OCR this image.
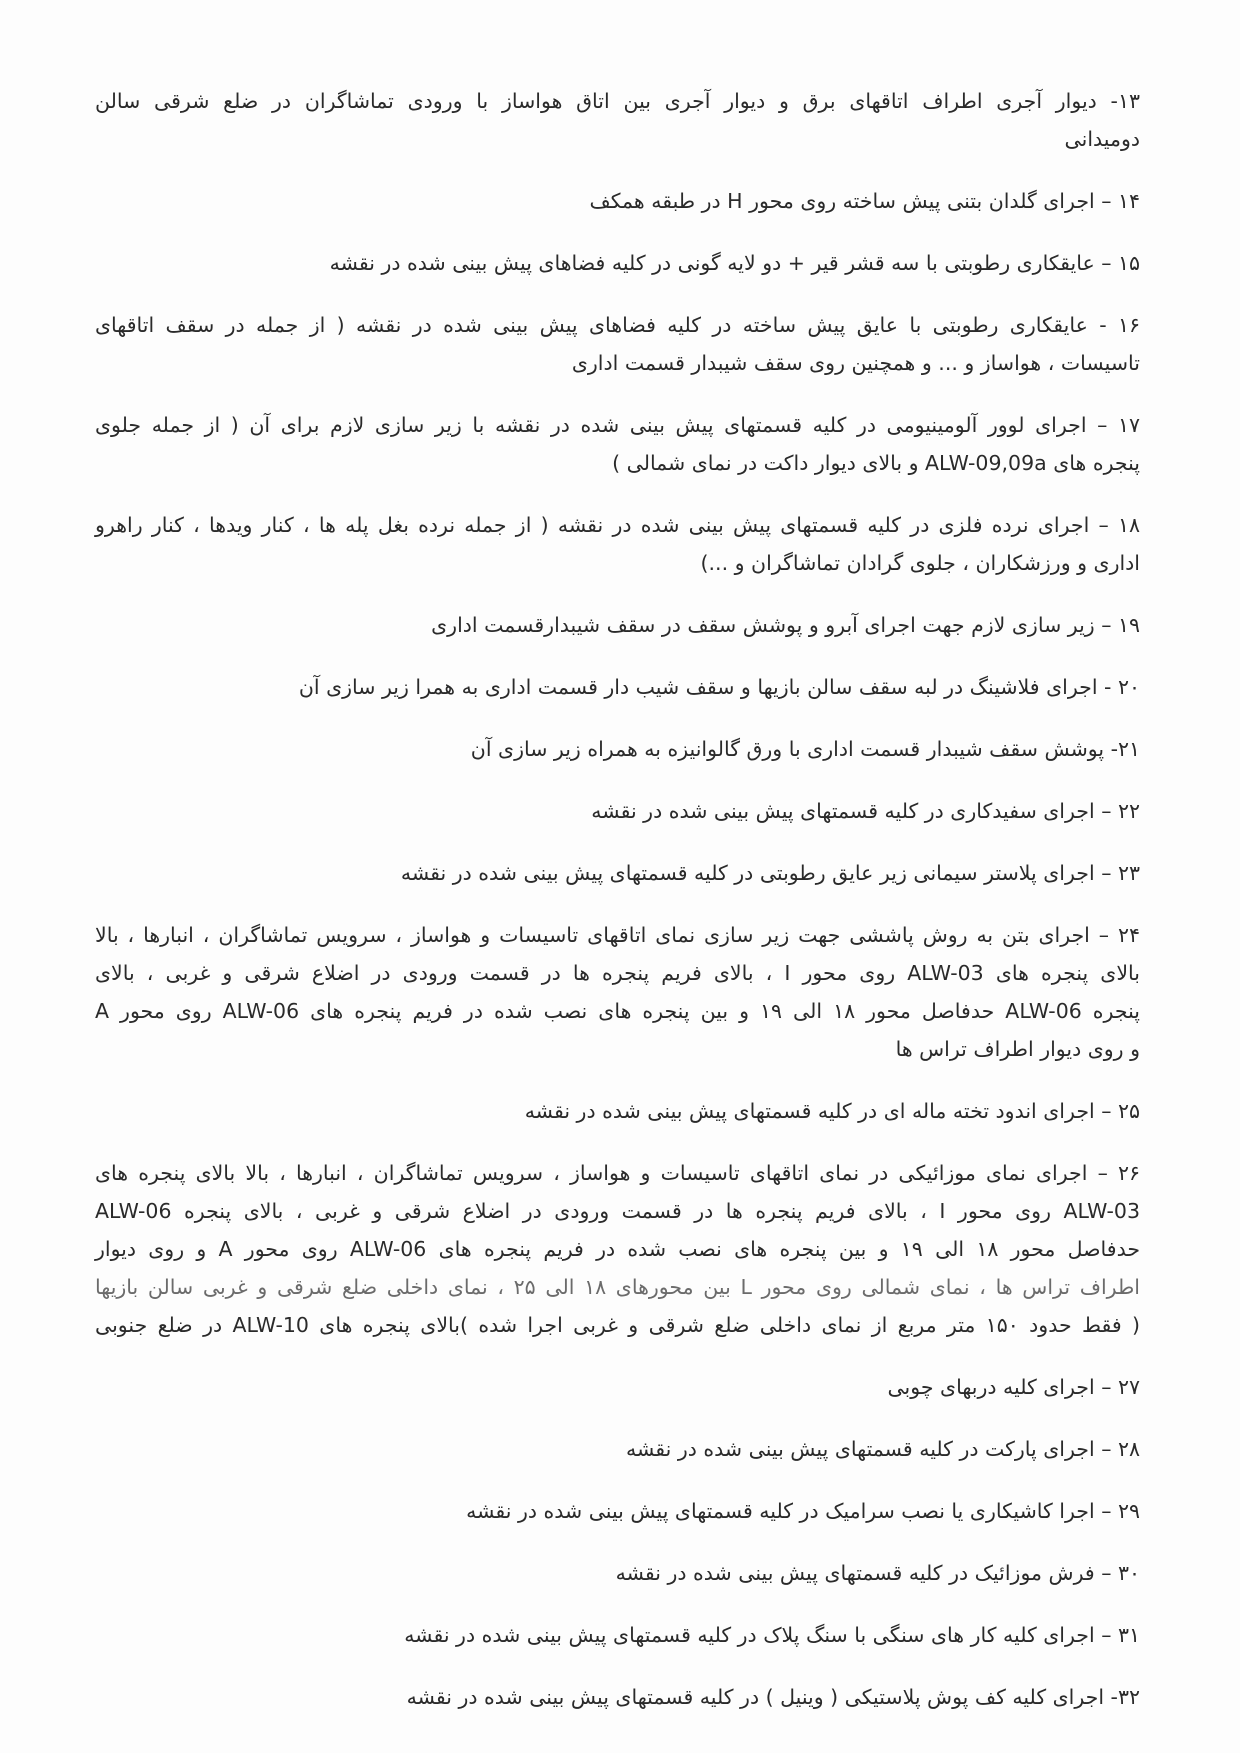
۱۳- دیوار آجری اطراف اتاقهای برق و دیوار آجری بین اتاق هواساز با ورودی تماشاگران در ضلع شرقی سالن
دومیدانی
۱۴ – اجرای گلدان بتنی پیش ساخته روی محور H در طبقه همکف
۱۵ – عایقکاری رطوبتی با سه قشر قیر + دو لایه گونی در کلیه فضاهای پیش بینی شده در نقشه
۱۶ - عایقکاری رطوبتی با عایق پیش ساخته در کلیه فضاهای پیش بینی شده در نقشه ( از جمله در سقف اتاقهای
تاسیسات ، هواساز و ... و همچنین روی سقف شیبدار قسمت اداری
۱۷ – اجرای لوور آلومینیومی در کلیه قسمتهای پیش بینی شده در نقشه با زیر سازی لازم برای آن ( از جمله جلوی
پنجره های ALW-09,09a و بالای دیوار داکت در نمای شمالی )
۱۸ – اجرای نرده فلزی در کلیه قسمتهای پیش بینی شده در نقشه ( از جمله نرده بغل پله ها ، کنار ویدها ، کنار راهرو
اداری و ورزشکاران ، جلوی گرادان تماشاگران و ...)
۱۹ – زیر سازی لازم جهت اجرای آبرو و پوشش سقف در سقف شیبدارقسمت اداری
۲۰ - اجرای فلاشینگ در لبه سقف سالن بازیها و سقف شیب دار قسمت اداری به همرا زیر سازی آن
۲۱- پوشش سقف شیبدار قسمت اداری با ورق گالوانیزه به همراه زیر سازی آن
۲۲ – اجرای سفیدکاری در کلیه قسمتهای پیش بینی شده در نقشه
۲۳ – اجرای پلاستر سیمانی زیر عایق رطوبتی در کلیه قسمتهای پیش بینی شده در نقشه
۲۴ – اجرای بتن به روش پاششی جهت زیر سازی نمای اتاقهای تاسیسات و هواساز ، سرویس تماشاگران ، انبارها ، بالا
بالای پنجره های ALW-03 روی محور I ، بالای فریم پنجره ها در قسمت ورودی در اضلاع شرقی و غربی ، بالای
پنجره ALW-06 حدفاصل محور ۱۸ الی ۱۹ و بین پنجره های نصب شده در فریم پنجره های ALW-06 روی محور A
و روی دیوار اطراف تراس ها
۲۵ – اجرای اندود تخته ماله ای در کلیه قسمتهای پیش بینی شده در نقشه
۲۶ – اجرای نمای موزائیکی در نمای اتاقهای تاسیسات و هواساز ، سرویس تماشاگران ، انبارها ، بالا بالای پنجره های
ALW-03 روی محور I ، بالای فریم پنجره ها در قسمت ورودی در اضلاع شرقی و غربی ، بالای پنجره ALW-06
حدفاصل محور ۱۸ الی ۱۹ و بین پنجره های نصب شده در فریم پنجره های ALW-06 روی محور A و روی دیوار
اطراف تراس ها ، نمای شمالی روی محور L بین محورهای ۱۸ الی ۲۵ ، نمای داخلی ضلع شرقی و غربی سالن بازیها
( فقط حدود ۱۵۰ متر مربع از نمای داخلی ضلع شرقی و غربی اجرا شده )بالای پنجره های ALW-10 در ضلع جنوبی
۲۷ – اجرای کلیه دربهای چوبی
۲۸ – اجرای پارکت در کلیه قسمتهای پیش بینی شده در نقشه
۲۹ – اجرا کاشیکاری یا نصب سرامیک در کلیه قسمتهای پیش بینی شده در نقشه
۳۰ – فرش موزائیک در کلیه قسمتهای پیش بینی شده در نقشه
۳۱ – اجرای کلیه کار های سنگی با سنگ پلاک در کلیه قسمتهای پیش بینی شده در نقشه
۳۲- اجرای کلیه کف پوش پلاستیکی ( وینیل ) در کلیه قسمتهای پیش بینی شده در نقشه
